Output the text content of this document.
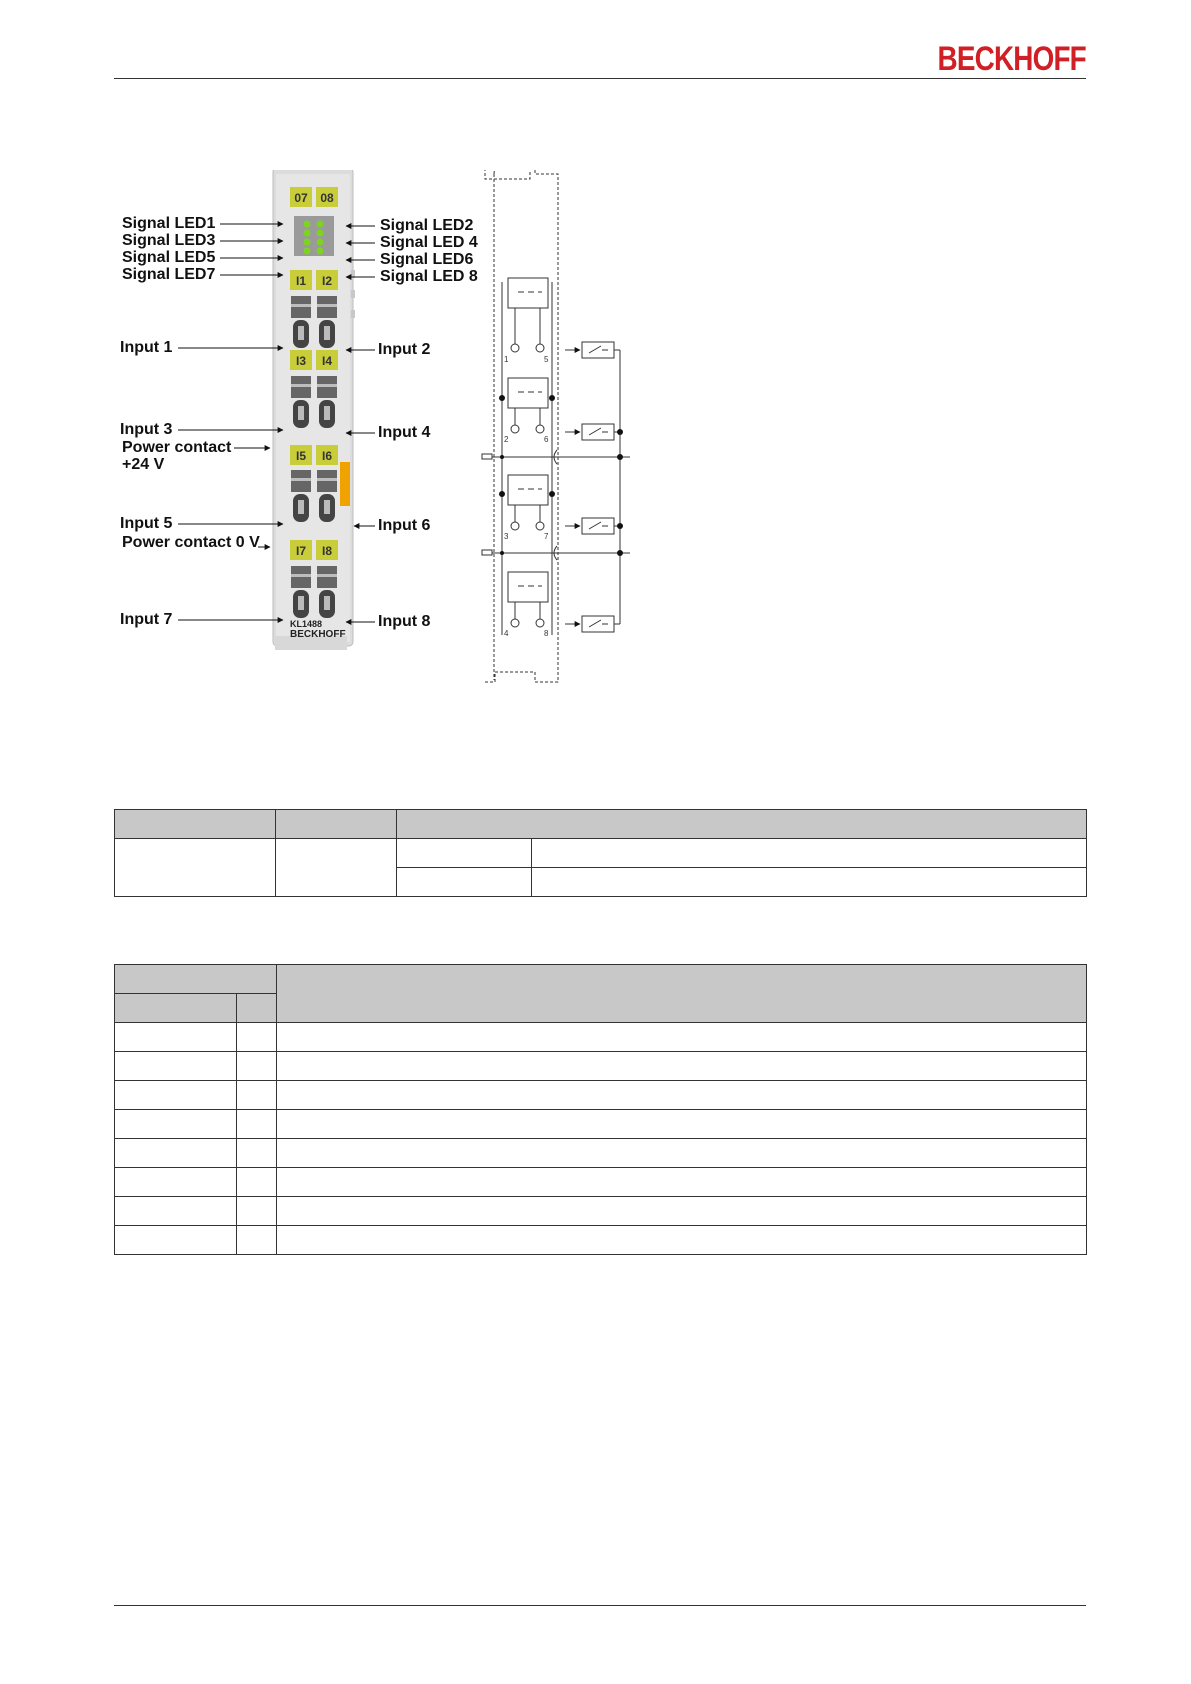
BECKHOFF
07 08
I1 I2
I3 I4
I5 I6
I7 I8
KL1488
BECKHOFF
Signal LED1
Signal LED3
Signal LED5
Signal LED7
Input 1
Input 3
Power contact
+24 V
Input 5
Power contact 0 V
Input 7
Signal LED2
Signal LED 4
Signal LED6
Signal LED 8
Input 2
Input 4
Input 6
Input 8
1	5
2	6
3	7
4	8
